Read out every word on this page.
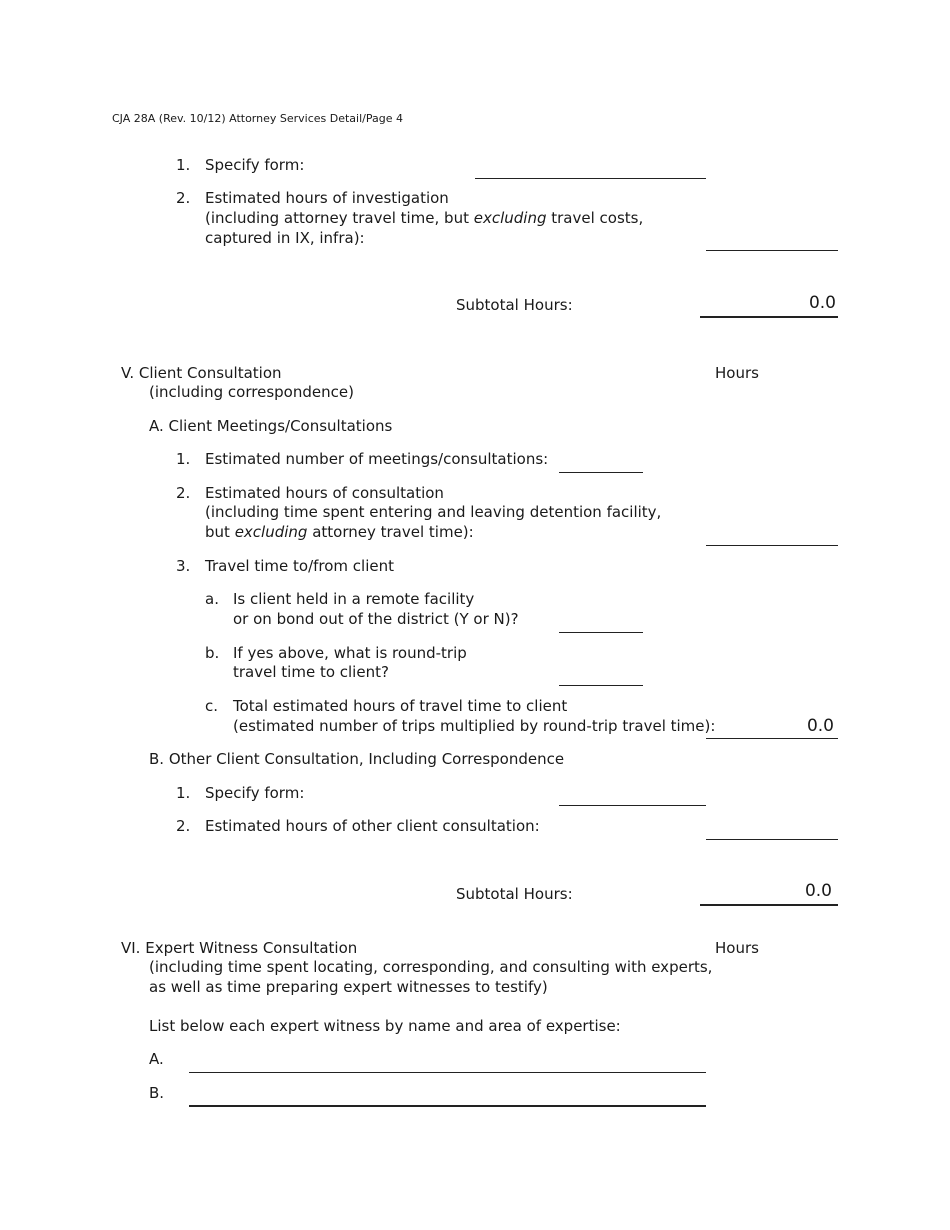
CJA 28A (Rev. 10/12) Attorney Services Detail/Page 4
1. Specify form:
2. Estimated hours of investigation
(including attorney travel time, but excluding travel costs,
captured in IX, infra):
Subtotal Hours:	0.0
V. Client Consultation
(including correspondence)
Hours
A. Client Meetings/Consultations
1. Estimated number of meetings/consultations:
2. Estimated hours of consultation
(including time spent entering and leaving detention facility,
but excluding attorney travel time):
3. Travel time to/from client
a. Is client held in a remote facility
or on bond out of the district (Y or N)?
b. If yes above, what is round-trip
travel time to client?
c. Total estimated hours of travel time to client
(estimated number of trips multiplied by round-trip travel time):	0.0
B. Other Client Consultation, Including Correspondence
1. Specify form:
2. Estimated hours of other client consultation:
Subtotal Hours:	0.0
VI. Expert Witness Consultation	Hours
(including time spent locating, corresponding, and consulting with experts,
as well as time preparing expert witnesses to testify)
List below each expert witness by name and area of expertise:
A.
B.
